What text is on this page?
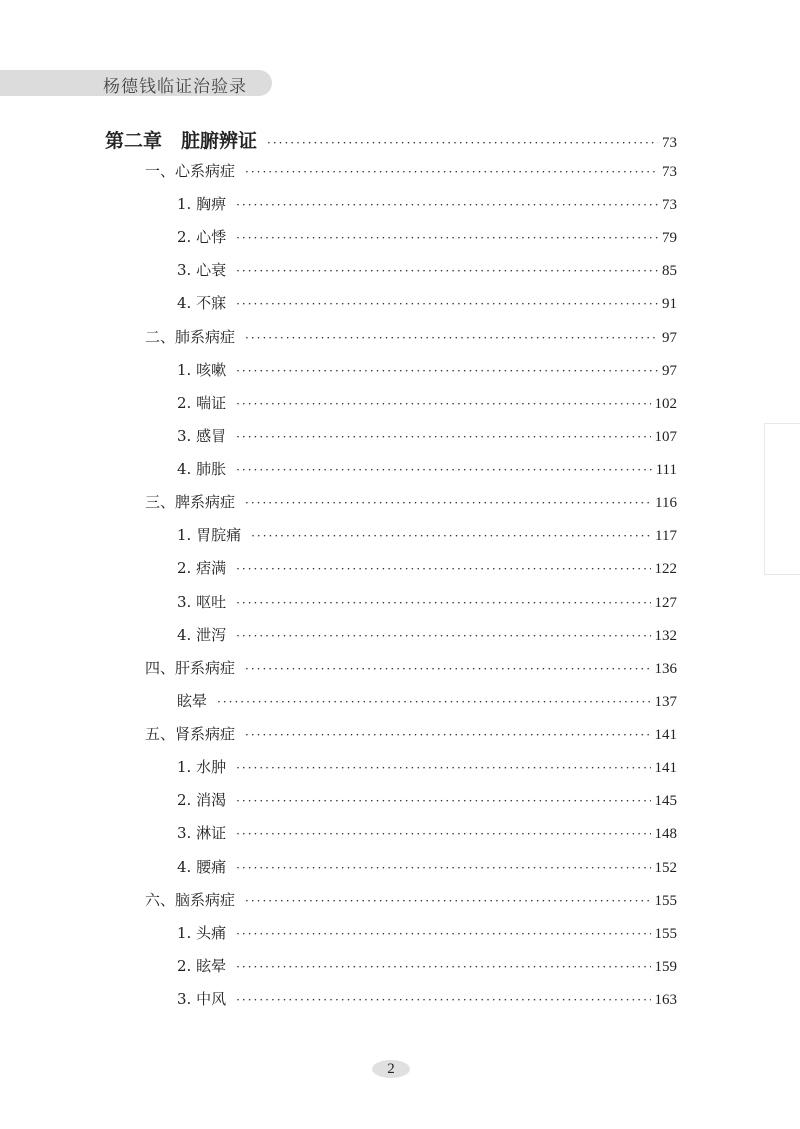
杨德钱临证治验录
第二章　脏腑辨证 ·····	73
一、心系病症 ·····	73
1. 胸痹 ·····	73
2. 心悸 ·····	79
3. 心衰 ·····	85
4. 不寐 ·····	91
二、肺系病症 ·····	97
1. 咳嗽 ·····	97
2. 喘证 ·····	102
3. 感冒 ·····	107
4. 肺胀 ·····	111
三、脾系病症 ·····	116
1. 胃脘痛 ·····	117
2. 痞满 ·····	122
3. 呕吐 ·····	127
4. 泄泻 ·····	132
四、肝系病症 ·····	136
眩晕 ·····	137
五、肾系病症 ·····	141
1. 水肿 ·····	141
2. 消渴 ·····	145
3. 淋证 ·····	148
4. 腰痛 ·····	152
六、脑系病症 ·····	155
1. 头痛 ·····	155
2. 眩晕 ·····	159
3. 中风 ·····	163
2
